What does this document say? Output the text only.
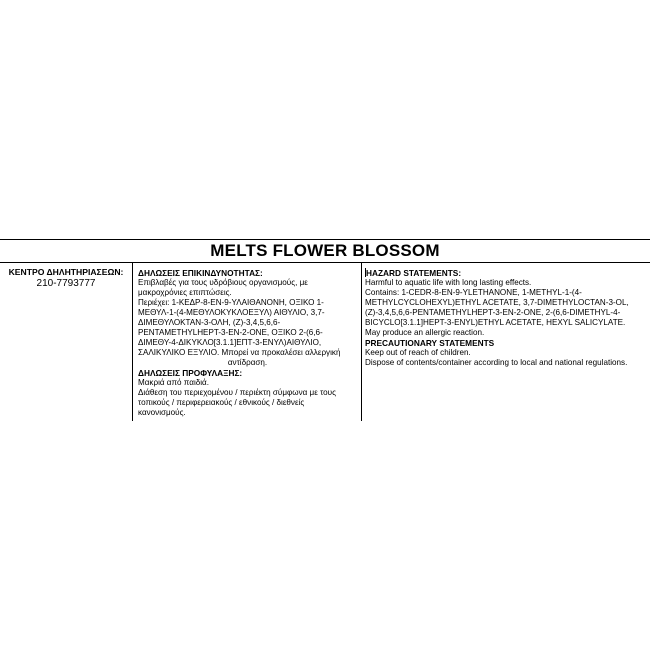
MELTS FLOWER BLOSSOM
ΚΕΝΤΡΟ ΔΗΛΗΤΗΡΙΑΣΕΩΝ:
210-7793777
ΔΗΛΩΣΕΙΣ ΕΠΙΚΙΝΔΥΝΟΤΗΤΑΣ:
Επιβλαβές για τους υδρόβιους οργανισμούς, με
μακροχρόνιες επιπτώσεις.
Περιέχει: 1-ΚΕΔΡ-8-ΕΝ-9-ΥΛΑΙΘΑΝΟΝΗ, ΟΞΙΚΟ 1-
ΜΕΘΥΛ-1-(4-ΜΕΘΥΛΟΚΥΚΛΟΕΞΥΛ) ΑΙΘΥΛΙΟ, 3,7-
ΔΙΜΕΘΥΛΟΚΤΑΝ-3-ΟΛΗ, (Ζ)-3,4,5,6,6-
PENTAMETHYLHEPT-3-EN-2-ONE, ΟΞΙΚΟ 2-(6,6-
ΔΙΜΕΘΥ-4-ΔΙΚΥΚΛΟ[3.1.1]ΕΠΤ-3-ΕΝΥΛ)ΑΙΘΥΛΙΟ,
ΣΑΛΙΚΥΛΙΚΟ ΕΞΥΛΙΟ. Μπορεί να προκαλέσει αλλεργική
αντίδραση.
ΔΗΛΩΣΕΙΣ ΠΡΟΦΥΛΑΞΗΣ:
Μακριά από παιδιά.
Διάθεση του περιεχομένου / περιέκτη σύμφωνα με τους
τοπικούς / περιφερειακούς / εθνικούς / διεθνείς
κανονισμούς.
HAZARD STATEMENTS:
Harmful to aquatic life with long lasting effects.
Contains: 1-CEDR-8-EN-9-YLETHANONE, 1-METHYL-1-(4-
METHYLCYCLOHEXYL)ETHYL ACETATE, 3,7-DIMETHYLOCTAN-3-OL,
(Z)-3,4,5,6,6-PENTAMETHYLHEPT-3-EN-2-ONE, 2-(6,6-DIMETHYL-4-
BICYCLO[3.1.1]HEPT-3-ENYL)ETHYL ACETATE, HEXYL SALICYLATE.
May produce an allergic reaction.
PRECAUTIONARY STATEMENTS
Keep out of reach of children.
Dispose of contents/container according to local and national regulations.
